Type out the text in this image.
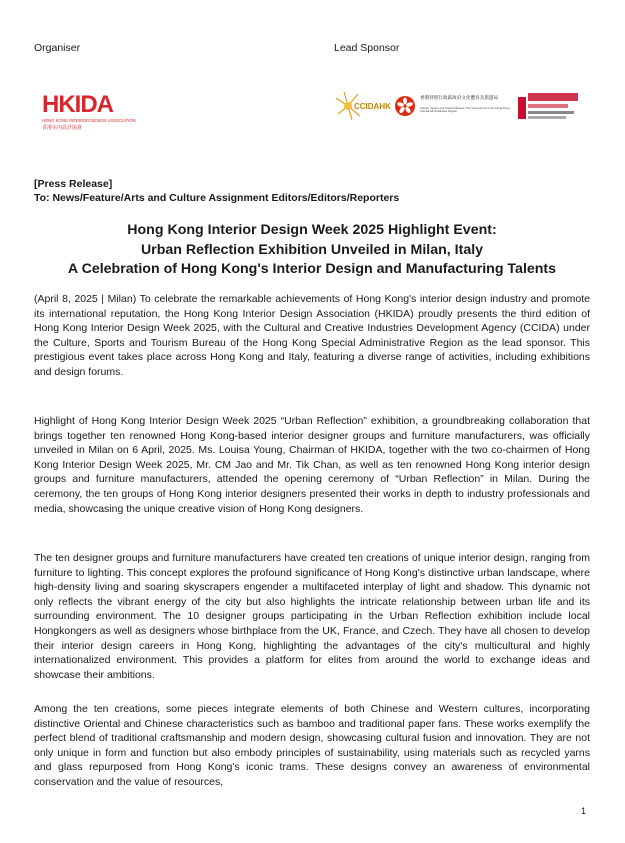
Organiser	Lead Sponsor
HKIDA
HONG KONG INTERIOR DESIGN ASSOCIATION
香港室內設計協會
CCIDAHK
香港特別行政區政府文化體育及旅遊局
Culture, Sports and Tourism Bureau, The Government of the Hong Kong Special Administrative Region
[Press Release]
To: News/Feature/Arts and Culture Assignment Editors/Editors/Reporters
Hong Kong Interior Design Week 2025 Highlight Event:
Urban Reflection Exhibition Unveiled in Milan, Italy
A Celebration of Hong Kong's Interior Design and Manufacturing Talents

(April 8, 2025 | Milan) To celebrate the remarkable achievements of Hong Kong's interior design industry and promote its international reputation, the Hong Kong Interior Design Association (HKIDA) proudly presents the third edition of Hong Kong Interior Design Week 2025, with the Cultural and Creative Industries Development Agency (CCIDA) under the Culture, Sports and Tourism Bureau of the Hong Kong Special Administrative Region as the lead sponsor. This prestigious event takes place across Hong Kong and Italy, featuring a diverse range of activities, including exhibitions and design forums.

Highlight of Hong Kong Interior Design Week 2025 “Urban Reflection” exhibition, a groundbreaking collaboration that brings together ten renowned Hong Kong-based interior designer groups and furniture manufacturers, was officially unveiled in Milan on 6 April, 2025. Ms. Louisa Young, Chairman of HKIDA, together with the two co-chairmen of Hong Kong Interior Design Week 2025, Mr. CM Jao and Mr. Tik Chan, as well as ten renowned Hong Kong interior design groups and furniture manufacturers, attended the opening ceremony of “Urban Reflection” in Milan. During the ceremony, the ten groups of Hong Kong interior designers presented their works in depth to industry professionals and media, showcasing the unique creative vision of Hong Kong designers.

The ten designer groups and furniture manufacturers have created ten creations of unique interior design, ranging from furniture to lighting. This concept explores the profound significance of Hong Kong's distinctive urban landscape, where high-density living and soaring skyscrapers engender a multifaceted interplay of light and shadow. This dynamic not only reflects the vibrant energy of the city but also highlights the intricate relationship between urban life and its surrounding environment. The 10 designer groups participating in the Urban Reflection exhibition include local Hongkongers as well as designers whose birthplace from the UK, France, and Czech. They have all chosen to develop their interior design careers in Hong Kong, highlighting the advantages of the city's multicultural and highly internationalized environment. This provides a platform for elites from around the world to exchange ideas and showcase their ambitions.

Among the ten creations, some pieces integrate elements of both Chinese and Western cultures, incorporating distinctive Oriental and Chinese characteristics such as bamboo and traditional paper fans. These works exemplify the perfect blend of traditional craftsmanship and modern design, showcasing cultural fusion and innovation. They are not only unique in form and function but also embody principles of sustainability, using materials such as recycled yarns and glass repurposed from Hong Kong's iconic trams. These designs convey an awareness of environmental conservation and the value of resources,

1
